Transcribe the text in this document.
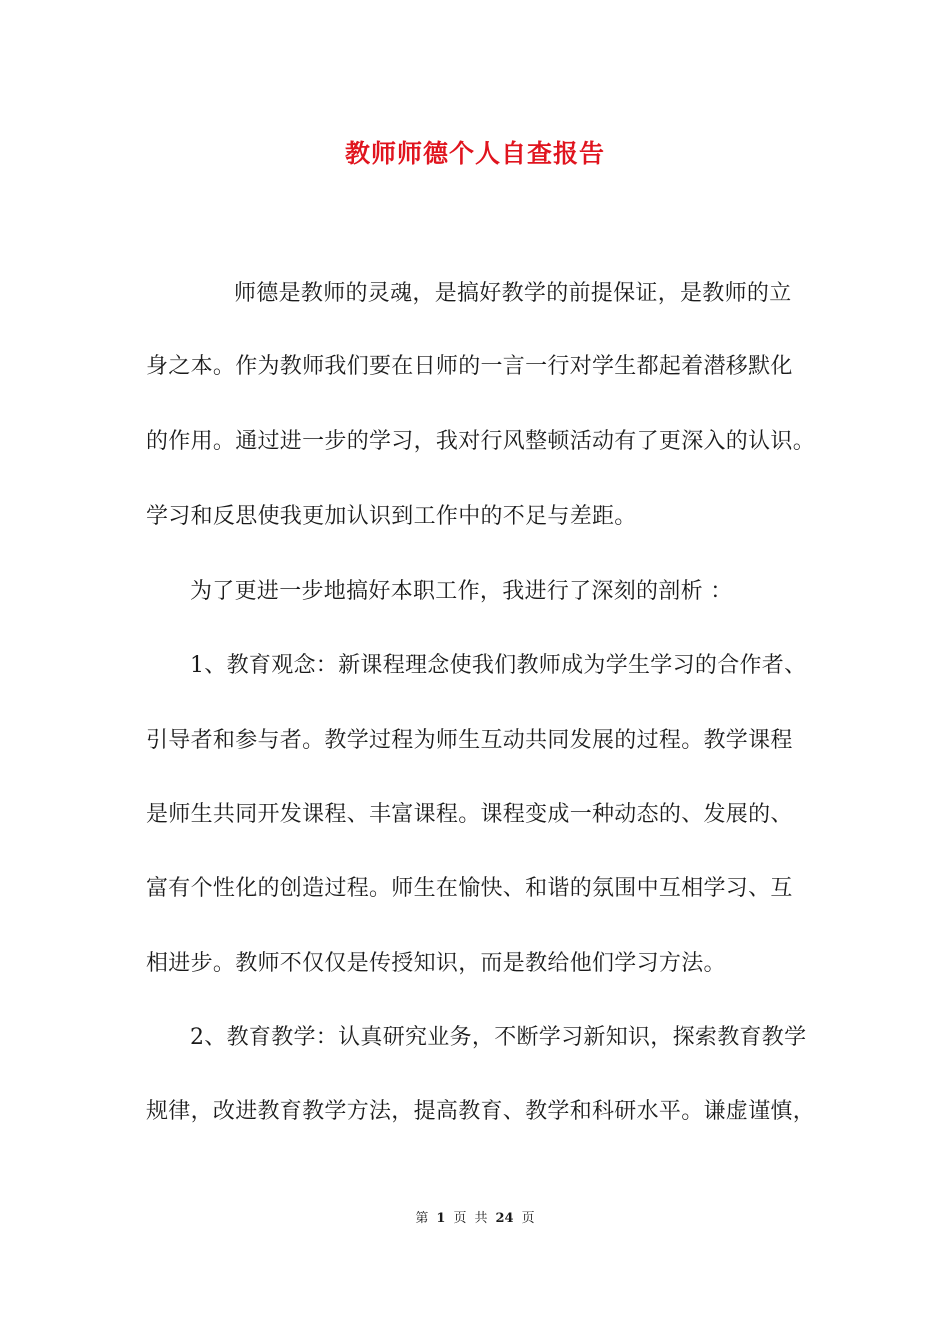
教师师德个人自查报告

师德是教师的灵魂，是搞好教学的前提保证，是教师的立

身之本。作为教师我们要在日师的一言一行对学生都起着潜移默化

的作用。通过进一步的学习，我对行风整顿活动有了更深入的认识。

学习和反思使我更加认识到工作中的不足与差距。

为了更进一步地搞好本职工作，我进行了深刻的剖析 ：

1、教育观念：新课程理念使我们教师成为学生学习的合作者、

引导者和参与者。教学过程为师生互动共同发展的过程。教学课程

是师生共同开发课程、丰富课程。课程变成一种动态的、发展的、

富有个性化的创造过程。师生在愉快、和谐的氛围中互相学习、互

相进步。教师不仅仅是传授知识，而是教给他们学习方法。

2、教育教学：认真研究业务，不断学习新知识，探索教育教学

规律，改进教育教学方法，提高教育、教学和科研水平。谦虚谨慎，

第 1 页 共 24 页
